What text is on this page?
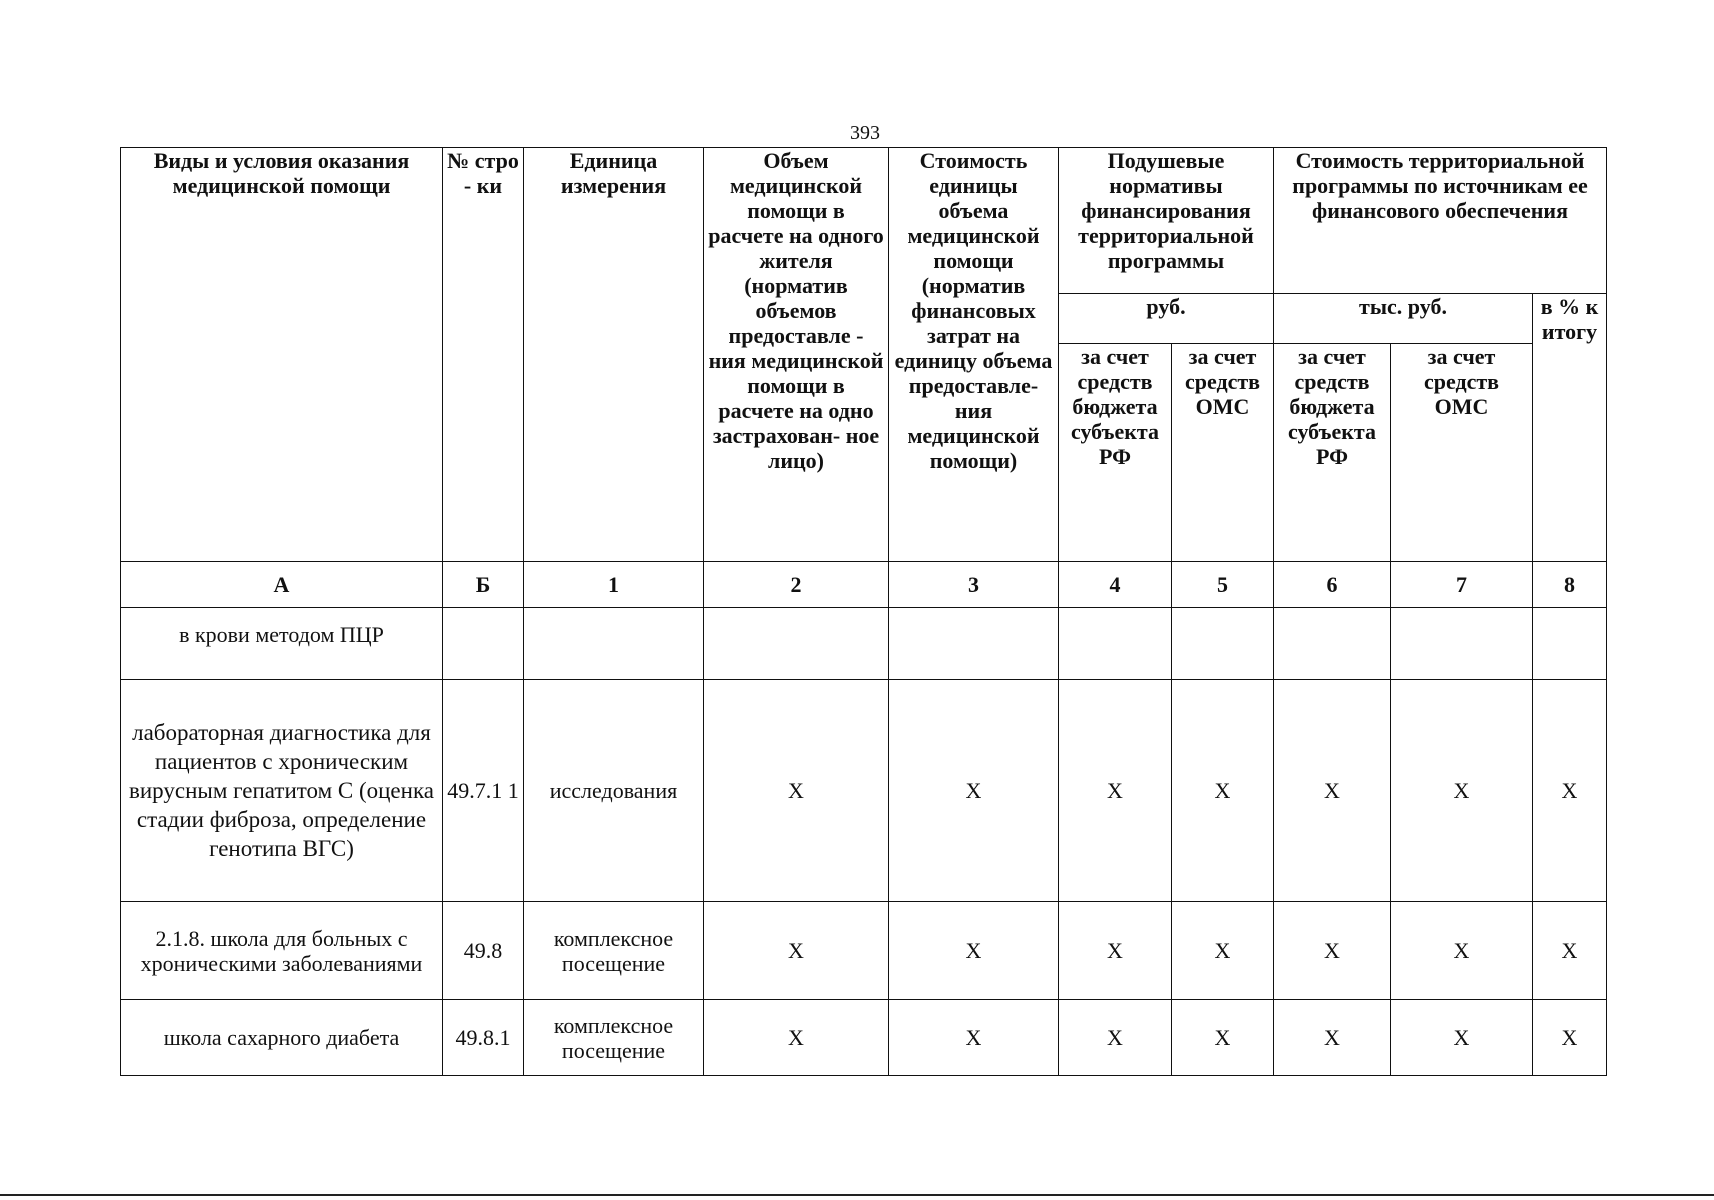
393
Виды и условия оказания медицинской помощи	№ стро - ки	Единица измерения	Объем медицинской помощи в расчете на одного жителя (норматив объемов предоставле - ния медицинской помощи в расчете на одно застрахован- ное лицо)	Стоимость единицы объема медицинской помощи (норматив финансовых затрат на единицу объема предоставле- ния медицинской помощи)	Подушевые нормативы финансирования территориальной программы		Стоимость территориальной программы по источникам ее финансового обеспечения		
					руб.		тыс. руб.		в % к итогу
					за счет средств бюджета субъекта РФ	за счет средств ОМС	за счет средств бюджета субъекта РФ	за счет средств ОМС	
А	Б	1	2	3	4	5	6	7	8
в крови методом ПЦР									
лабораторная диагностика для пациентов с хроническим вирусным гепатитом С (оценка стадии фиброза, определение генотипа ВГС)	49.7.1 1	исследования	X	X	X	X	X	X	X
2.1.8. школа для больных с хроническими заболеваниями	49.8	комплексное посещение	X	X	X	X	X	X	X
школа сахарного диабета	49.8.1	комплексное посещение	X	X	X	X	X	X	X
